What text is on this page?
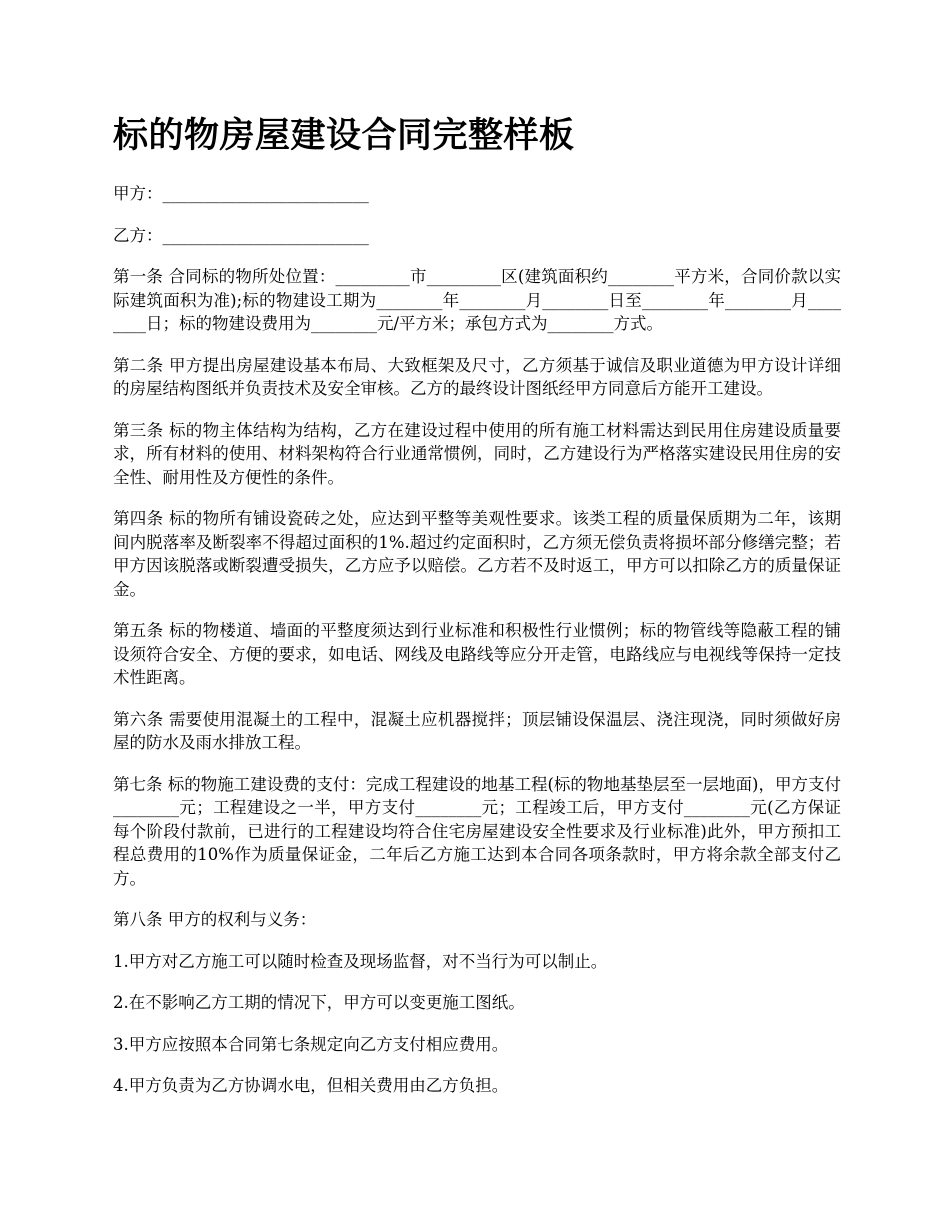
标的物房屋建设合同完整样板

甲方：_________________________

乙方：_________________________

第一条 合同标的物所处位置：_________市_________区(建筑面积约________平方米，合同价款以实际建筑面积为准);标的物建设工期为________年________月________日至________年________月________日；标的物建设费用为________元/平方米；承包方式为________方式。

第二条 甲方提出房屋建设基本布局、大致框架及尺寸，乙方须基于诚信及职业道德为甲方设计详细的房屋结构图纸并负责技术及安全审核。乙方的最终设计图纸经甲方同意后方能开工建设。

第三条 标的物主体结构为结构，乙方在建设过程中使用的所有施工材料需达到民用住房建设质量要求，所有材料的使用、材料架构符合行业通常惯例，同时，乙方建设行为严格落实建设民用住房的安全性、耐用性及方便性的条件。

第四条 标的物所有铺设瓷砖之处，应达到平整等美观性要求。该类工程的质量保质期为二年，该期间内脱落率及断裂率不得超过面积的1%.超过约定面积时，乙方须无偿负责将损坏部分修缮完整；若甲方因该脱落或断裂遭受损失，乙方应予以赔偿。乙方若不及时返工，甲方可以扣除乙方的质量保证金。

第五条 标的物楼道、墙面的平整度须达到行业标准和积极性行业惯例；标的物管线等隐蔽工程的铺设须符合安全、方便的要求，如电话、网线及电路线等应分开走管，电路线应与电视线等保持一定技术性距离。

第六条 需要使用混凝土的工程中，混凝土应机器搅拌；顶层铺设保温层、浇注现浇，同时须做好房屋的防水及雨水排放工程。

第七条 标的物施工建设费的支付：完成工程建设的地基工程(标的物地基垫层至一层地面)，甲方支付________元；工程建设之一半，甲方支付________元；工程竣工后，甲方支付________元(乙方保证每个阶段付款前，已进行的工程建设均符合住宅房屋建设安全性要求及行业标准)此外，甲方预扣工程总费用的10%作为质量保证金，二年后乙方施工达到本合同各项条款时，甲方将余款全部支付乙方。

第八条 甲方的权利与义务：

1.甲方对乙方施工可以随时检查及现场监督，对不当行为可以制止。

2.在不影响乙方工期的情况下，甲方可以变更施工图纸。

3.甲方应按照本合同第七条规定向乙方支付相应费用。

4.甲方负责为乙方协调水电，但相关费用由乙方负担。
